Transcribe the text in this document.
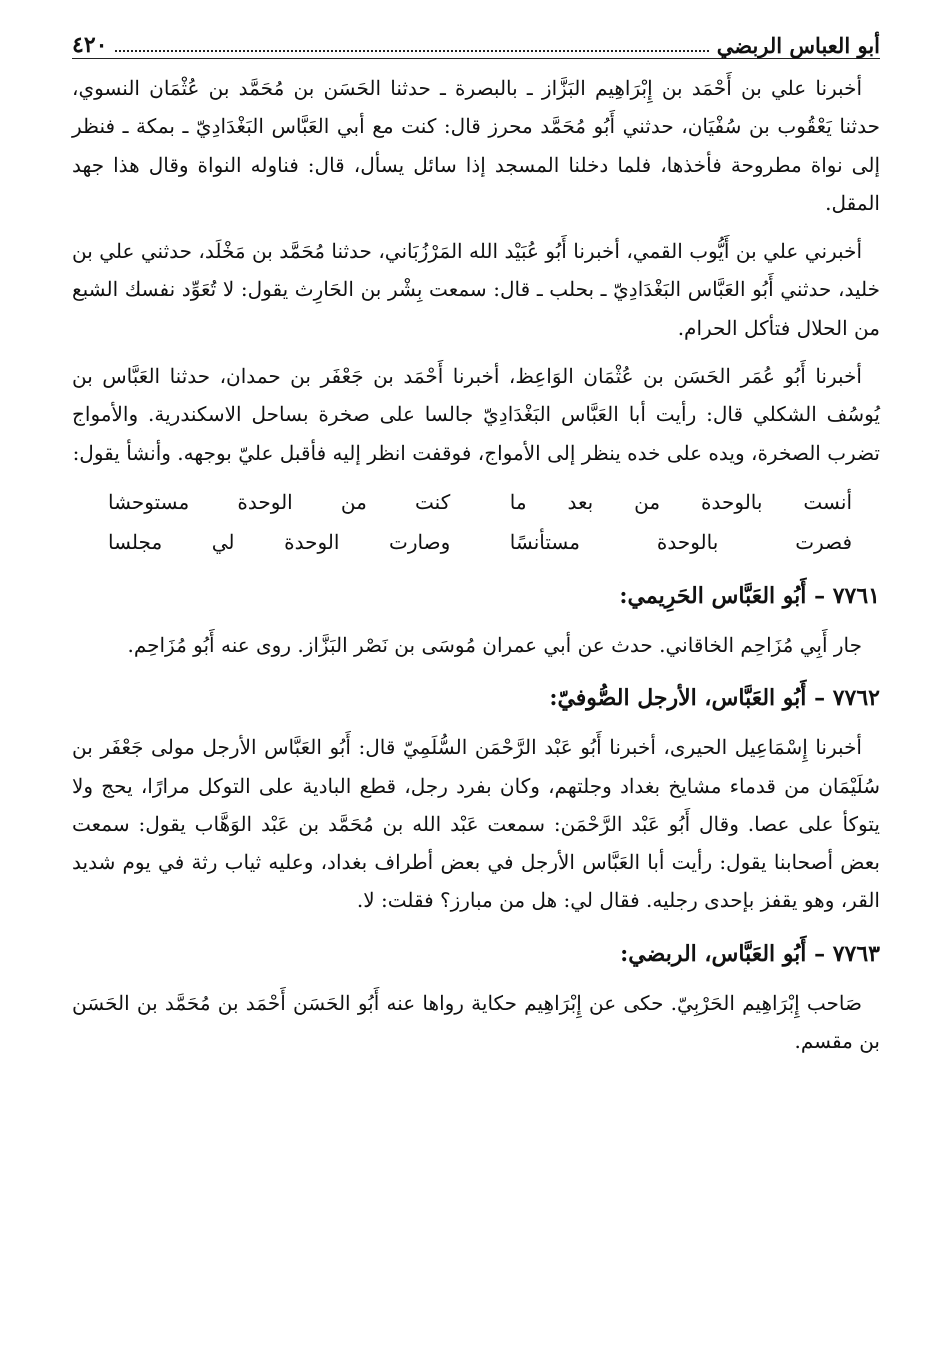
أبو العباس الربضي
٤٢٠

أخبرنا علي بن أَحْمَد بن إِبْرَاهِيم البَزَّاز ـ بالبصرة ـ حدثنا الحَسَن بن مُحَمَّد بن عُثْمَان النسوي، حدثنا يَعْقُوب بن سُفْيَان، حدثني أَبُو مُحَمَّد محرز قال: كنت مع أبي العَبَّاس البَغْدَادِيّ ـ بمكة ـ فنظر إلى نواة مطروحة فأخذها، فلما دخلنا المسجد إذا سائل يسأل، قال: فناوله النواة وقال هذا جهد المقل.

أخبرني علي بن أَيُّوب القمي، أخبرنا أَبُو عُبَيْد الله المَرْزُبَاني، حدثنا مُحَمَّد بن مَخْلَد، حدثني علي بن خليد، حدثني أَبُو العَبَّاس البَغْدَادِيّ ـ بحلب ـ قال: سمعت بِشْر بن الحَارِث يقول: لا تُعَوِّد نفسك الشبع من الحلال فتأكل الحرام.

أخبرنا أَبُو عُمَر الحَسَن بن عُثْمَان الوَاعِظ، أخبرنا أَحْمَد بن جَعْفَر بن حمدان، حدثنا العَبَّاس بن يُوسُف الشكلي قال: رأيت أبا العَبَّاس البَغْدَادِيّ جالسا على صخرة بساحل الاسكندرية. والأمواج تضرب الصخرة، ويده على خده ينظر إلى الأمواج، فوقفت انظر إليه فأقبل عليّ بوجهه. وأنشأ يقول:

أنست بالوحدة من بعد ما
كنت من الوحدة مستوحشا
فصرت بالوحدة مستأنسًا
وصارت الوحدة لي مجلسا
٧٧٦١ – أَبُو العَبَّاس الحَرِيمي:

جار أَبِي مُزَاحِم الخاقاني. حدث عن أبي عمران مُوسَى بن نَصْر البَزَّاز. روى عنه أَبُو مُزَاحِم.

٧٧٦٢ – أَبُو العَبَّاس، الأرجل الصُّوفيّ:

أخبرنا إِسْمَاعِيل الحيرى، أخبرنا أَبُو عَبْد الرَّحْمَن السُّلَمِيّ قال: أَبُو العَبَّاس الأرجل مولى جَعْفَر بن سُلَيْمَان من قدماء مشايخ بغداد وجلتهم، وكان بفرد رجل، قطع البادية على التوكل مرارًا، يحج ولا يتوكأ على عصا. وقال أَبُو عَبْد الرَّحْمَن: سمعت عَبْد الله بن مُحَمَّد بن عَبْد الوَهَّاب يقول: سمعت بعض أصحابنا يقول: رأيت أبا العَبَّاس الأرجل في بعض أطراف بغداد، وعليه ثياب رثة في يوم شديد القر، وهو يقفز بإحدى رجليه. فقال لي: هل من مبارز؟ فقلت: لا.

٧٧٦٣ – أَبُو العَبَّاس، الربضي:

صَاحب إِبْرَاهِيم الحَرْبِيّ. حكى عن إِبْرَاهِيم حكاية رواها عنه أَبُو الحَسَن أَحْمَد بن مُحَمَّد بن الحَسَن بن مقسم.
